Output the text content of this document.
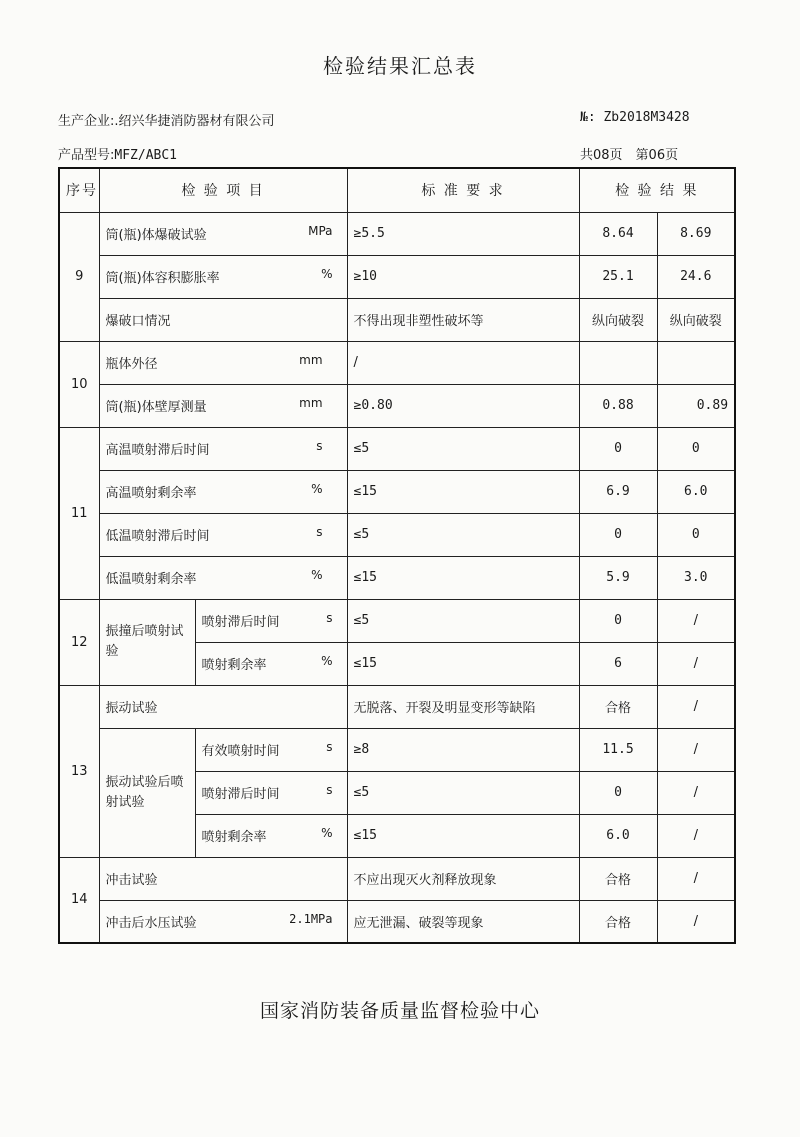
检验结果汇总表
生产企业:.绍兴华捷消防器材有限公司	№: Zb2018M3428
产品型号:MFZ/ABC1	共08页　第06页
序号	检 验 项 目		标 准 要 求	检 验 结 果	
9	筒(瓶)体爆破试验 MPa		≥5.5	8.64	8.69
	筒(瓶)体容积膨胀率 %		≥10	25.1	24.6
	爆破口情况		不得出现非塑性破坏等	纵向破裂	纵向破裂
10	瓶体外径 mm		/		
	筒(瓶)体壁厚测量 mm		≥0.80	0.88	0.89
11	高温喷射滞后时间 s		≤5	0	0
	高温喷射剩余率 %		≤15	6.9	6.0
	低温喷射滞后时间 s		≤5	0	0
	低温喷射剩余率 %		≤15	5.9	3.0
12	振撞后喷射试验	喷射滞后时间 s	≤5	0	/
		喷射剩余率 %	≤15	6	/
13	振动试验		无脱落、开裂及明显变形等缺陷	合格	/
	振动试验后喷射试验	有效喷射时间 s	≥8	11.5	/
		喷射滞后时间 s	≤5	0	/
		喷射剩余率 %	≤15	6.0	/
14	冲击试验		不应出现灭火剂释放现象	合格	/
	冲击后水压试验 2.1MPa		应无泄漏、破裂等现象	合格	/
国家消防装备质量监督检验中心
